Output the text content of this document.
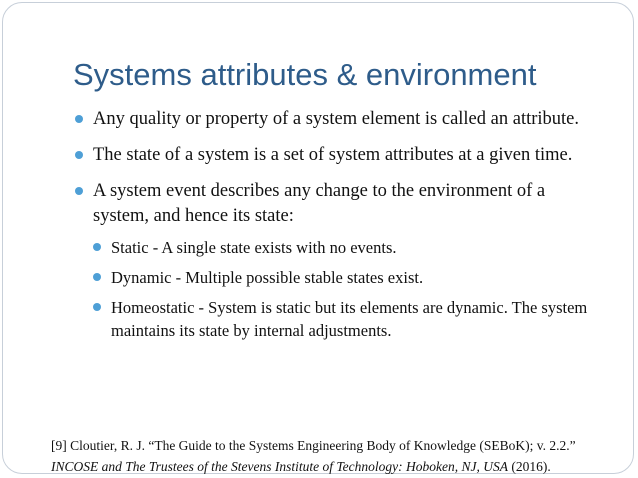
Systems attributes & environment
Any quality or property of a system element is called an attribute.
The state of a system is a set of system attributes at a given time.
A system event describes any change to the environment of a system, and hence its state:
Static - A single state exists with no events.
Dynamic - Multiple possible stable states exist.
Homeostatic - System is static but its elements are dynamic. The system maintains its state by internal adjustments.
[9] Cloutier, R. J. “The Guide to the Systems Engineering Body of Knowledge (SEBoK); v. 2.2.” INCOSE and The Trustees of the Stevens Institute of Technology: Hoboken, NJ, USA (2016).
